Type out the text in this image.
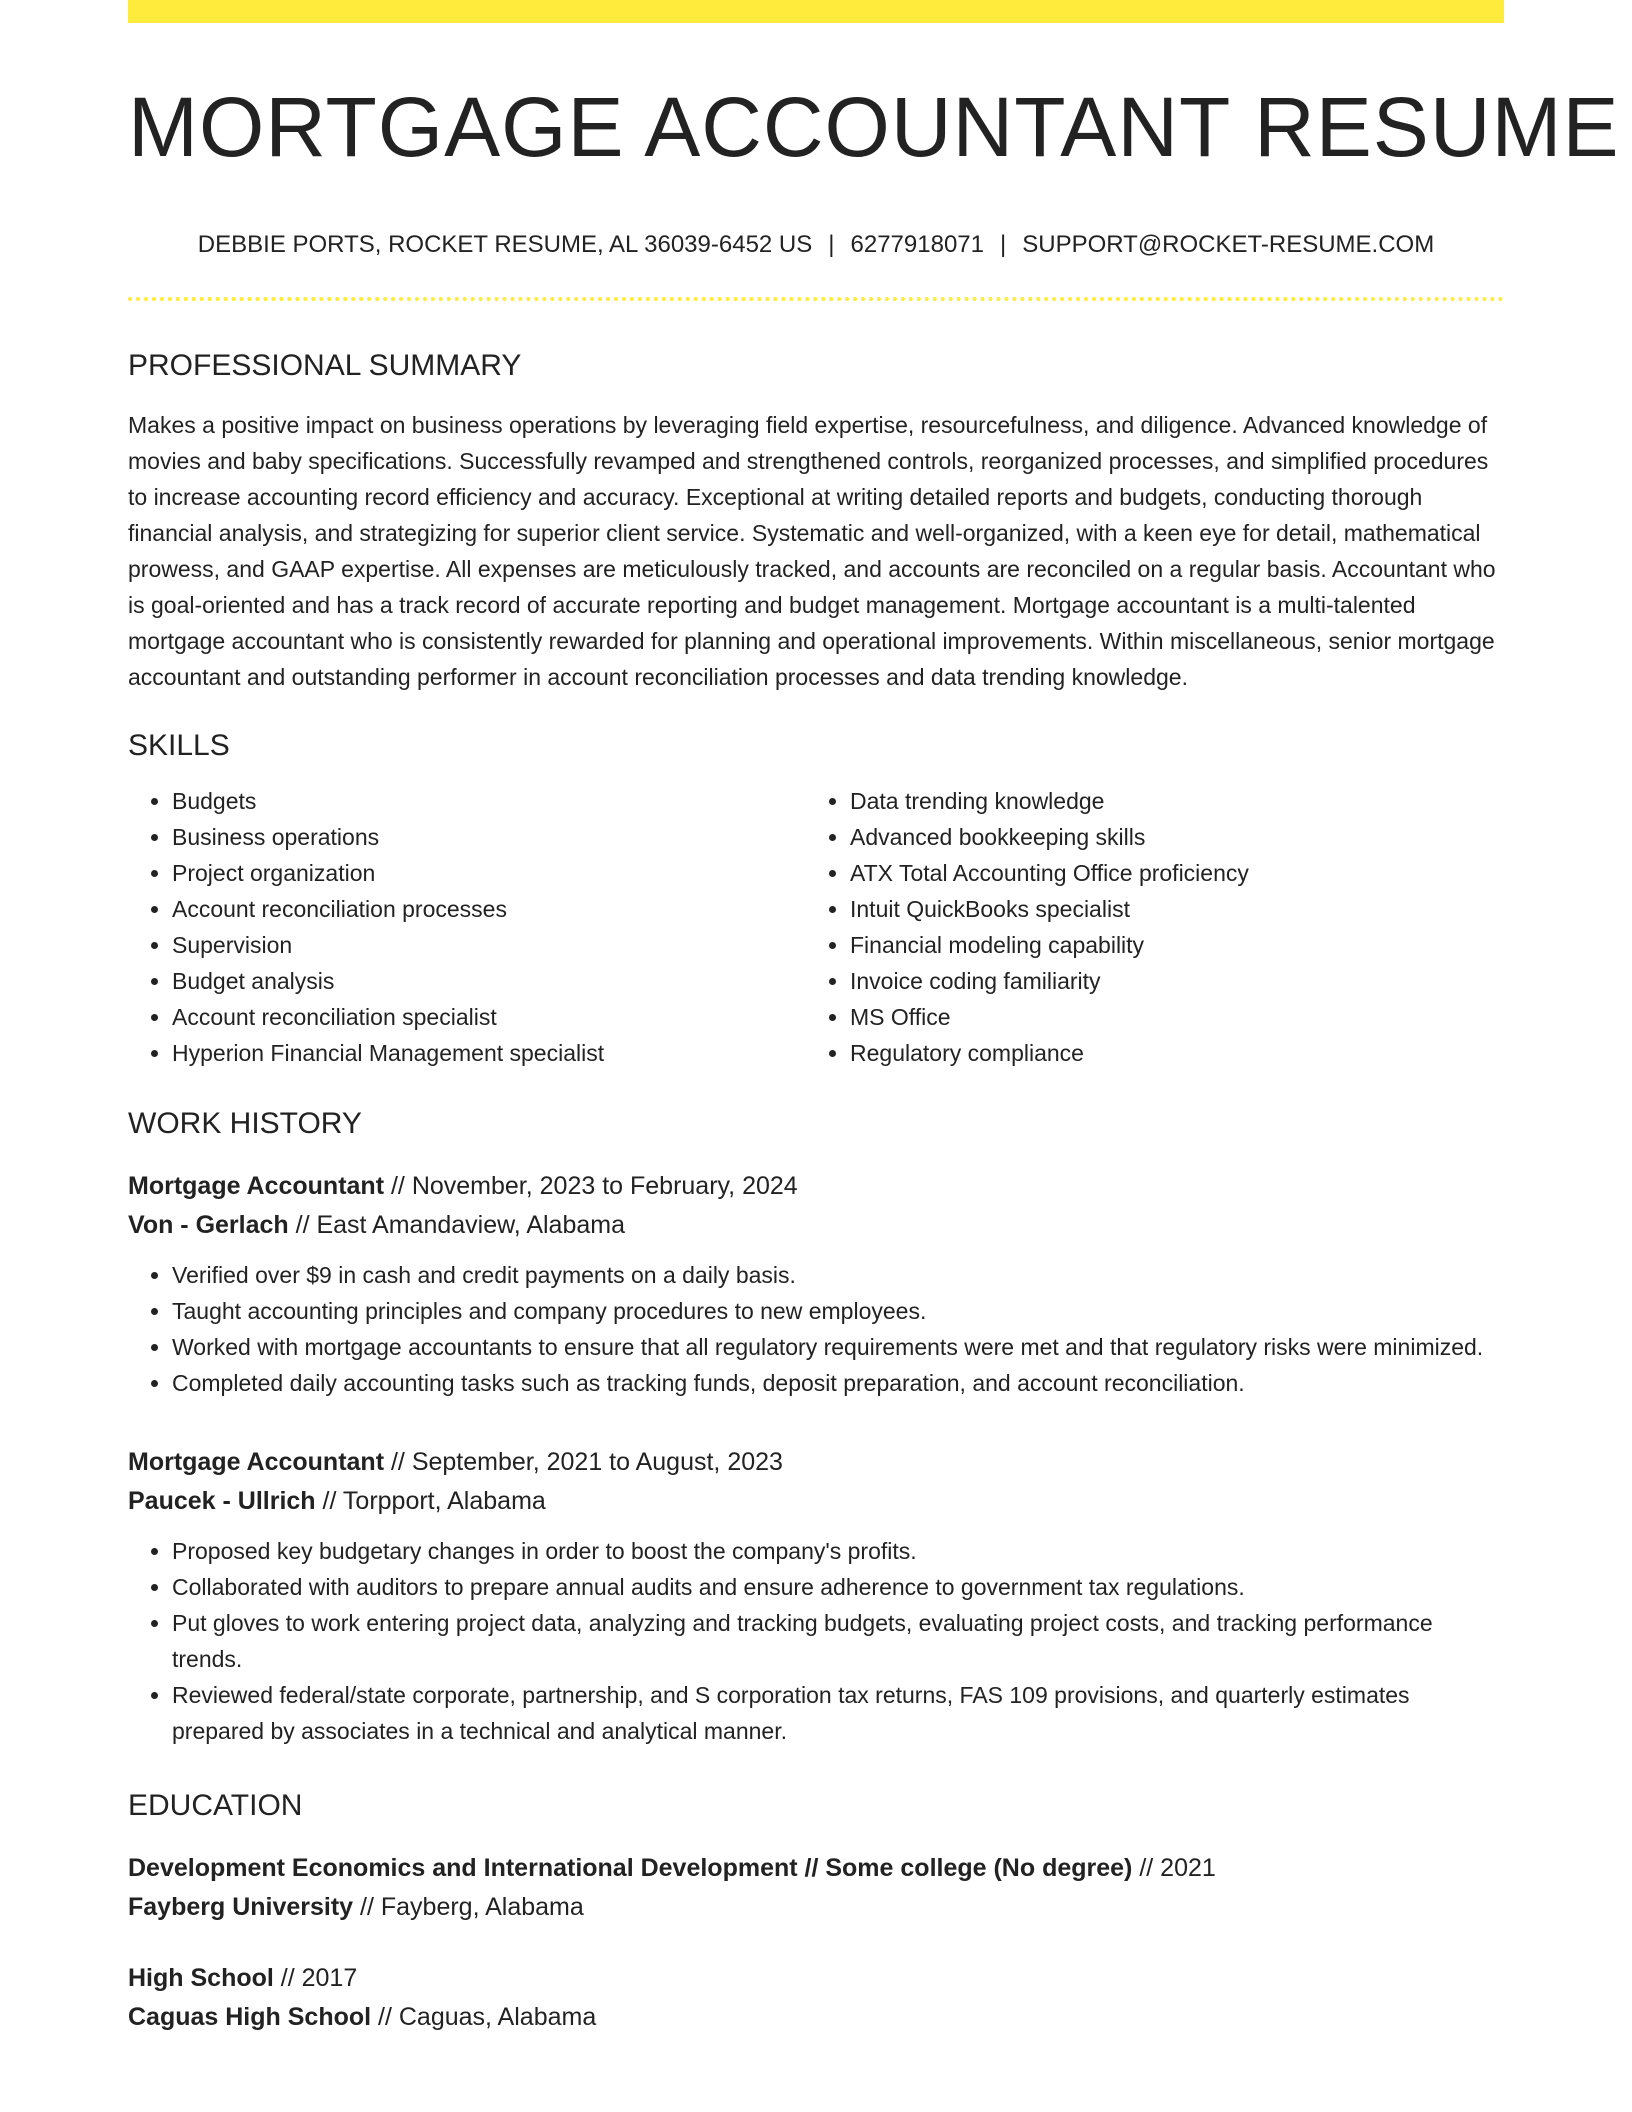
MORTGAGE ACCOUNTANT RESUME
DEBBIE PORTS, ROCKET RESUME, AL 36039-6452 US | 6277918071 | SUPPORT@ROCKET-RESUME.COM
PROFESSIONAL SUMMARY

Makes a positive impact on business operations by leveraging field expertise, resourcefulness, and diligence. Advanced knowledge of movies and baby specifications. Successfully revamped and strengthened controls, reorganized processes, and simplified procedures to increase accounting record efficiency and accuracy. Exceptional at writing detailed reports and budgets, conducting thorough financial analysis, and strategizing for superior client service. Systematic and well-organized, with a keen eye for detail, mathematical prowess, and GAAP expertise. All expenses are meticulously tracked, and accounts are reconciled on a regular basis. Accountant who is goal-oriented and has a track record of accurate reporting and budget management. Mortgage accountant is a multi-talented mortgage accountant who is consistently rewarded for planning and operational improvements. Within miscellaneous, senior mortgage accountant and outstanding performer in account reconciliation processes and data trending knowledge.

SKILLS
• Budgets
• Business operations
• Project organization
• Account reconciliation processes
• Supervision
• Budget analysis
• Account reconciliation specialist
• Hyperion Financial Management specialist
• Data trending knowledge
• Advanced bookkeeping skills
• ATX Total Accounting Office proficiency
• Intuit QuickBooks specialist
• Financial modeling capability
• Invoice coding familiarity
• MS Office
• Regulatory compliance
WORK HISTORY
Mortgage Accountant // November, 2023 to February, 2024
Von - Gerlach // East Amandaview, Alabama
• Verified over $9 in cash and credit payments on a daily basis.
• Taught accounting principles and company procedures to new employees.
• Worked with mortgage accountants to ensure that all regulatory requirements were met and that regulatory risks were minimized.
• Completed daily accounting tasks such as tracking funds, deposit preparation, and account reconciliation.
Mortgage Accountant // September, 2021 to August, 2023
Paucek - Ullrich // Torpport, Alabama
• Proposed key budgetary changes in order to boost the company's profits.
• Collaborated with auditors to prepare annual audits and ensure adherence to government tax regulations.
• Put gloves to work entering project data, analyzing and tracking budgets, evaluating project costs, and tracking performance trends.
• Reviewed federal/state corporate, partnership, and S corporation tax returns, FAS 109 provisions, and quarterly estimates prepared by associates in a technical and analytical manner.
EDUCATION
Development Economics and International Development // Some college (No degree) // 2021
Fayberg University // Fayberg, Alabama
High School // 2017
Caguas High School // Caguas, Alabama
